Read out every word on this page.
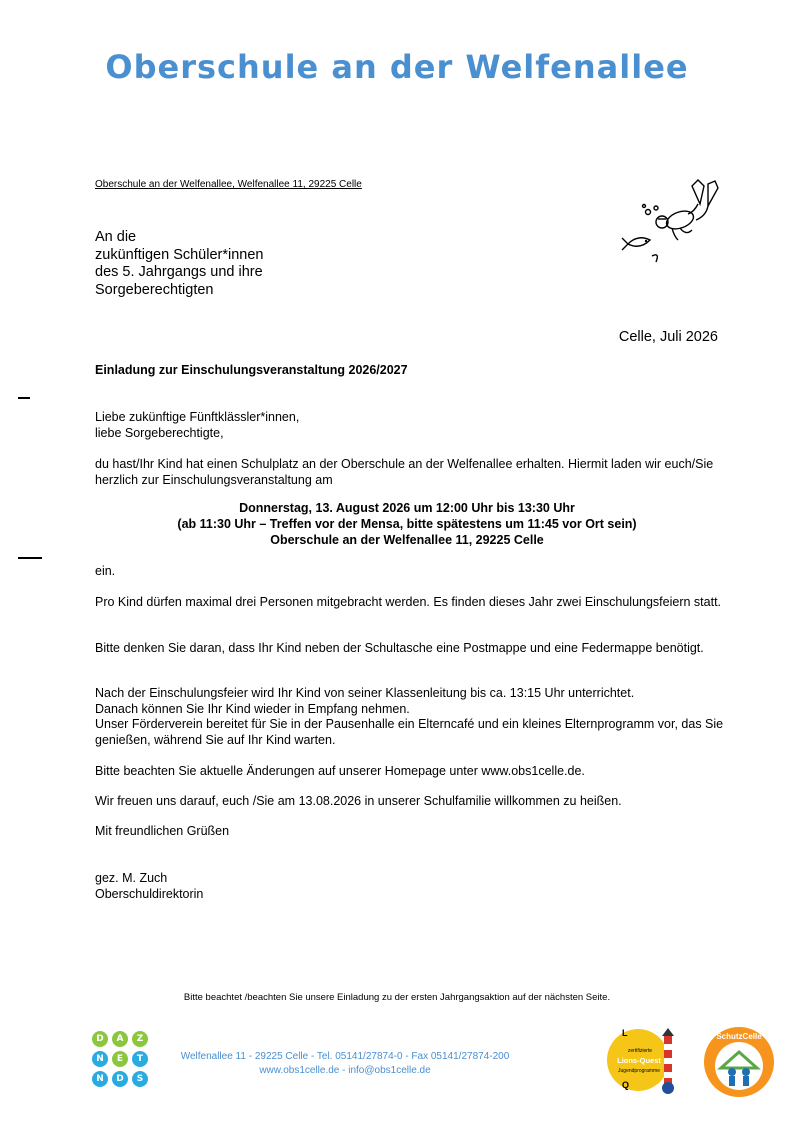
Oberschule an der Welfenallee
Oberschule an der Welfenallee, Welfenallee 11, 29225 Celle
An die
zukünftigen Schüler*innen
des 5. Jahrgangs und ihre
Sorgeberechtigten
Celle, Juli 2026
Einladung zur Einschulungsveranstaltung 2026/2027
Liebe zukünftige Fünftklässler*innen,
liebe Sorgeberechtigte,
du hast/Ihr Kind hat einen Schulplatz an der Oberschule an der Welfenallee erhalten. Hiermit laden wir euch/Sie herzlich zur Einschulungsveranstaltung am
Donnerstag, 13. August 2026 um 12:00 Uhr bis 13:30 Uhr
(ab 11:30 Uhr – Treffen vor der Mensa, bitte spätestens um 11:45 vor Ort sein)
Oberschule an der Welfenallee 11, 29225 Celle
ein.
Pro Kind dürfen maximal drei Personen mitgebracht werden. Es finden dieses Jahr zwei Einschulungsfeiern statt.
Bitte denken Sie daran, dass Ihr Kind neben der Schultasche eine Postmappe und eine Federmappe benötigt.
Nach der Einschulungsfeier wird Ihr Kind von seiner Klassenleitung bis ca. 13:15 Uhr unterrichtet.
Danach können Sie Ihr Kind wieder in Empfang nehmen.
Unser Förderverein bereitet für Sie in der Pausenhalle ein Elterncafé und ein kleines Elternprogramm vor, das Sie genießen, während Sie auf Ihr Kind warten.
Bitte beachten Sie aktuelle Änderungen auf unserer Homepage unter www.obs1celle.de.
Wir freuen uns darauf, euch /Sie am 13.08.2026 in unserer Schulfamilie willkommen zu heißen.
Mit freundlichen Grüßen
gez. M. Zuch
Oberschuldirektorin
Bitte beachtet /beachten Sie unsere Einladung zu der ersten Jahrgangsaktion auf der nächsten Seite.
D	A	Z
N	E	T
N	D	S
Welfenallee 11 - 29225 Celle - Tel. 05141/27874-0 - Fax 05141/27874-200
www.obs1celle.de - info@obs1celle.de
L
zertifizierte
Lions-Quest
Jugendprogramme
Q
SchutzCelle
